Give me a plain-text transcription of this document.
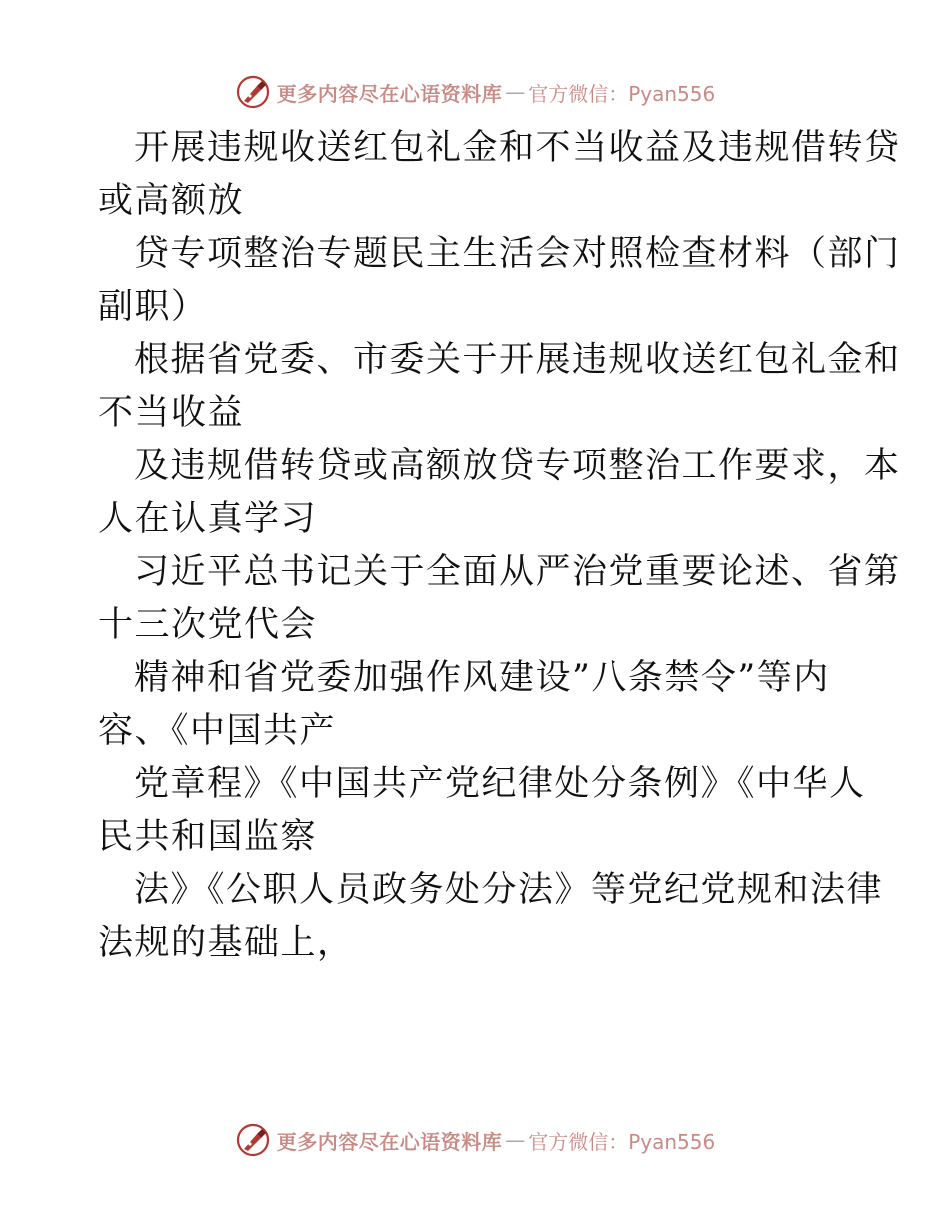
更多内容尽在心语资料库 — 官方微信：Pyan556
开展违规收送红包礼金和不当收益及违规借转贷
或高额放
贷专项整治专题民主生活会对照检查材料（部门
副职）
根据省党委、市委关于开展违规收送红包礼金和
不当收益
及违规借转贷或高额放贷专项整治工作要求，本
人在认真学习
习近平总书记关于全面从严治党重要论述、省第
十三次党代会
精神和省党委加强作风建设”八条禁令”等内
容、《中国共产
党章程》《中国共产党纪律处分条例》《中华人
民共和国监察
法》《公职人员政务处分法》等党纪党规和法律
法规的基础上，
更多内容尽在心语资料库 — 官方微信：Pyan556
